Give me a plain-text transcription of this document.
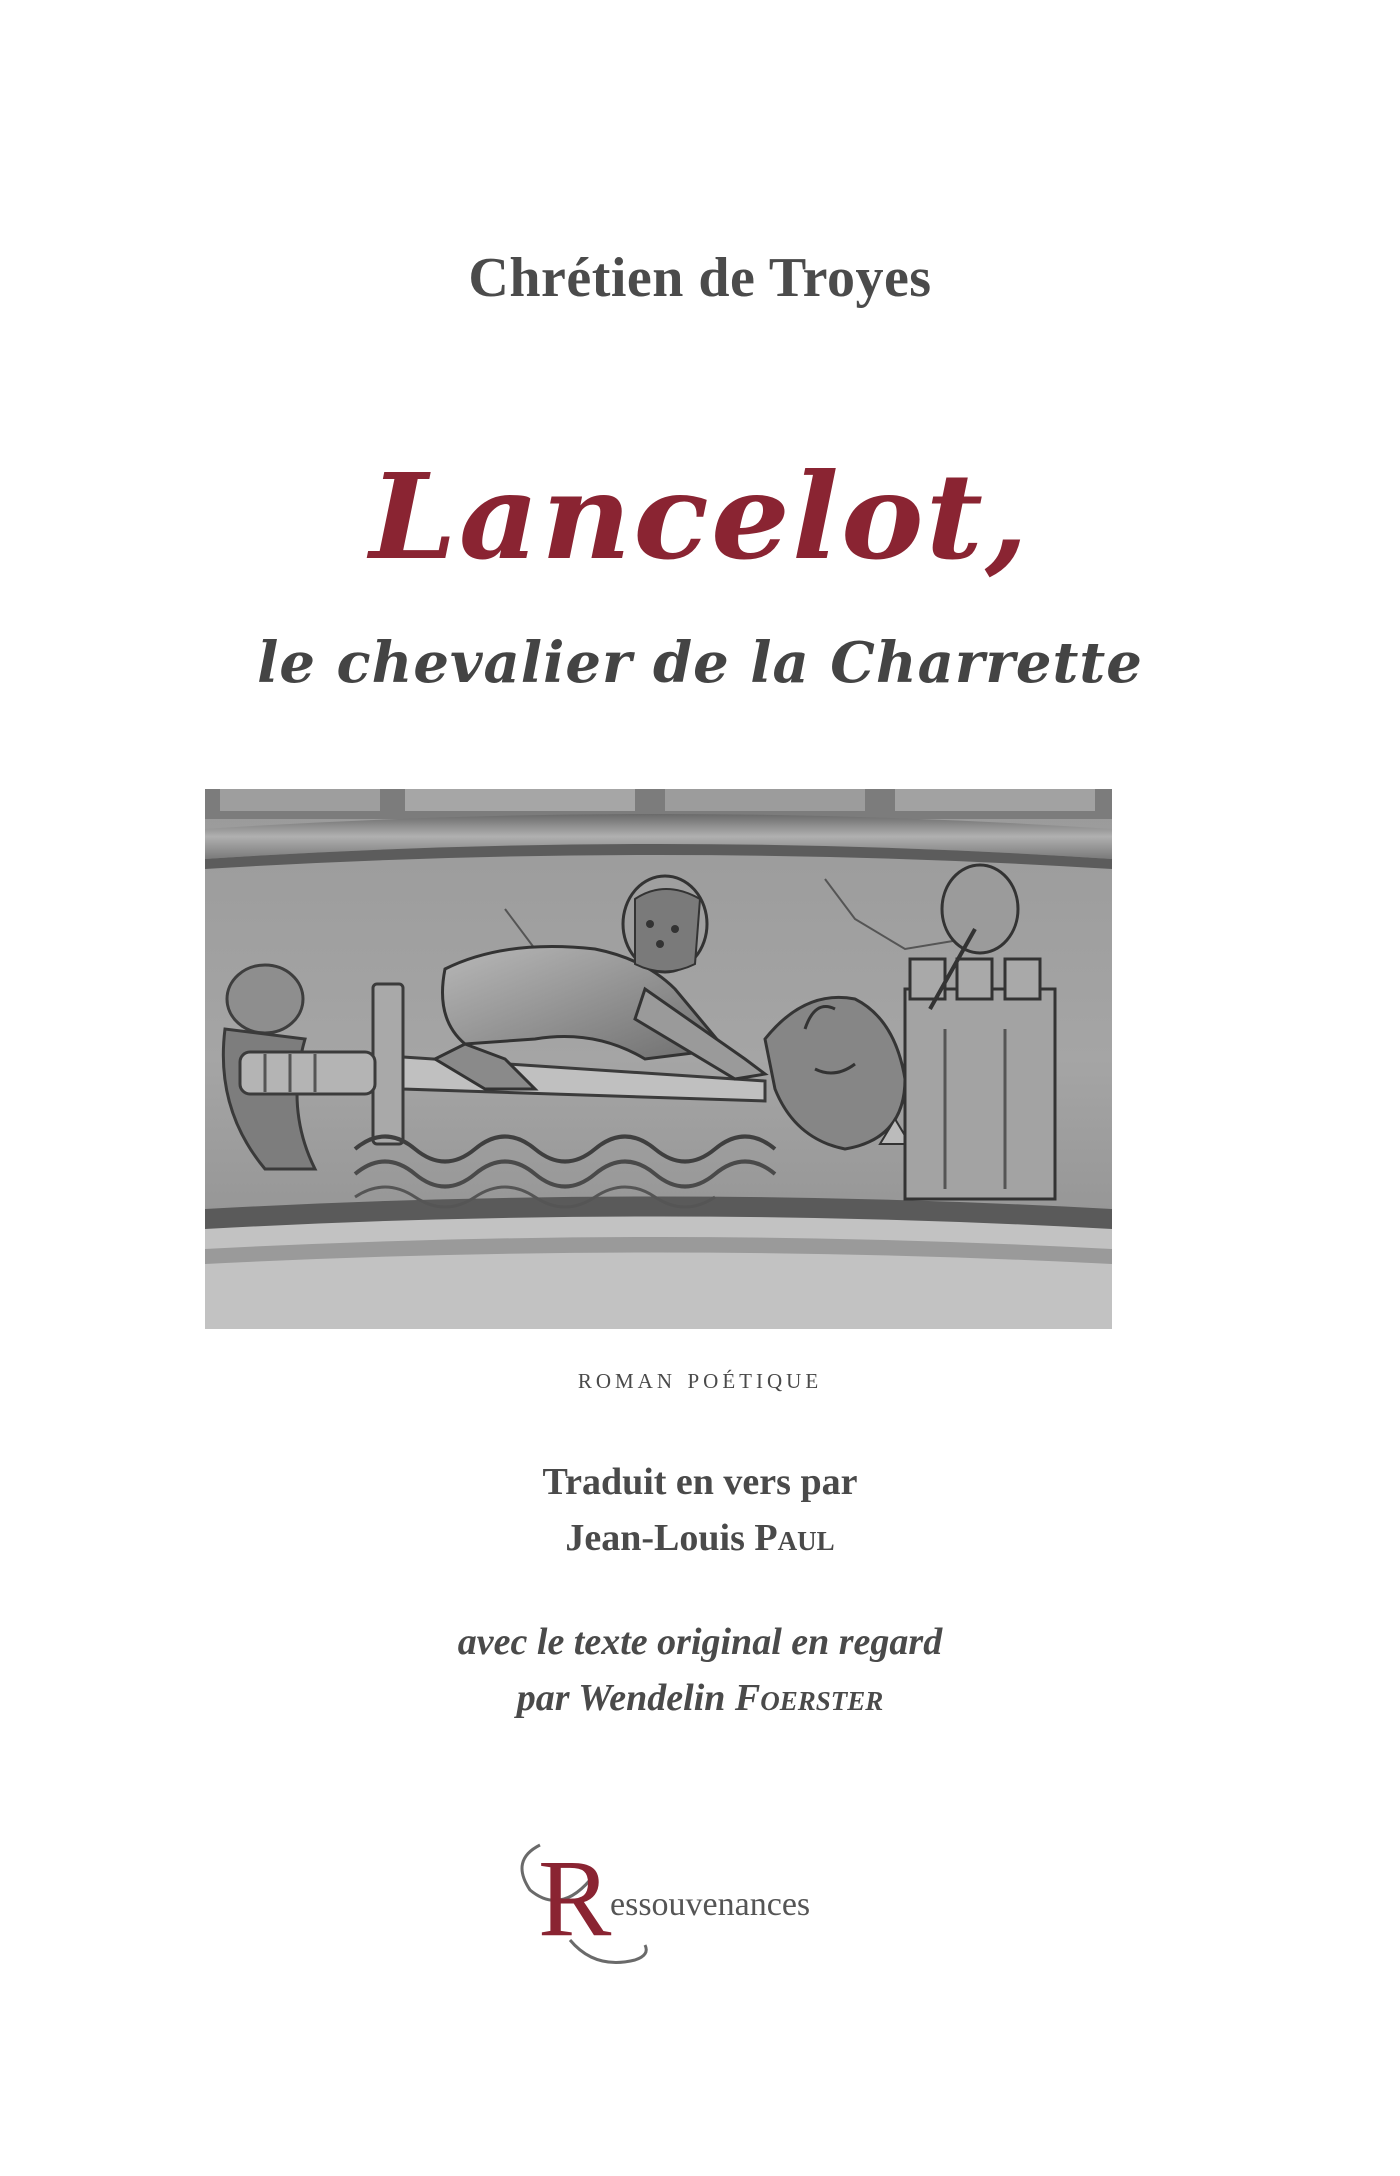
Chrétien de Troyes
Lancelot,
le chevalier de la Charrette
roman poétique
Traduit en vers par
Jean-Louis Paul
avec le texte original en regard
par Wendelin Foerster
R
essouvenances
